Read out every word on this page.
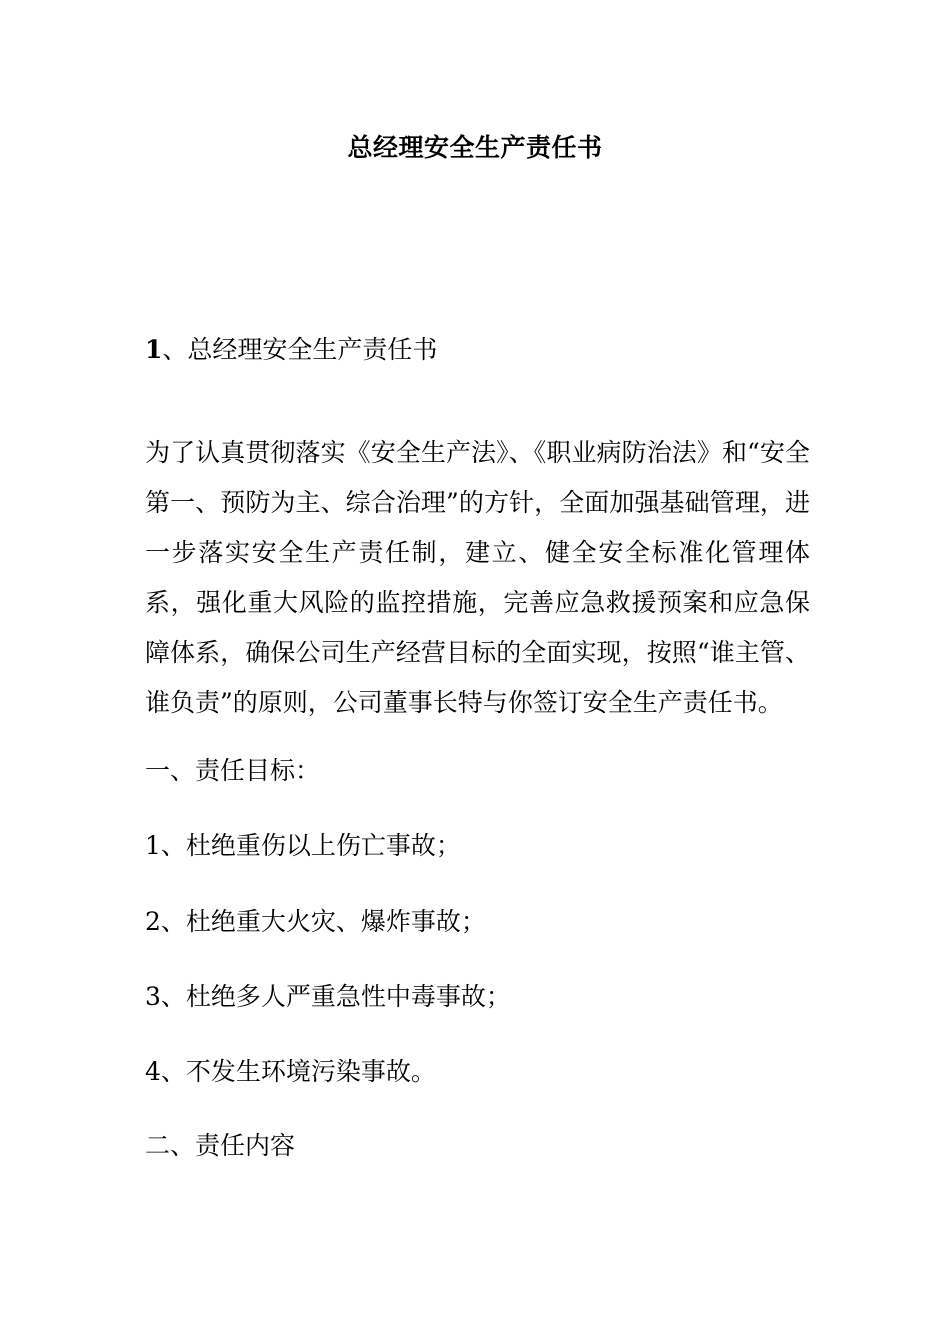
总经理安全生产责任书
1、总经理安全生产责任书
为了认真贯彻落实《安全生产法》、《职业病防治法》和“安全第一、预防为主、综合治理”的方针，全面加强基础管理，进一步落实安全生产责任制，建立、健全安全标准化管理体系，强化重大风险的监控措施，完善应急救援预案和应急保障体系，确保公司生产经营目标的全面实现，按照“谁主管、谁负责”的原则，公司董事长特与你签订安全生产责任书。
一、责任目标：
1、杜绝重伤以上伤亡事故；
2、杜绝重大火灾、爆炸事故；
3、杜绝多人严重急性中毒事故；
4、不发生环境污染事故。
二、责任内容
